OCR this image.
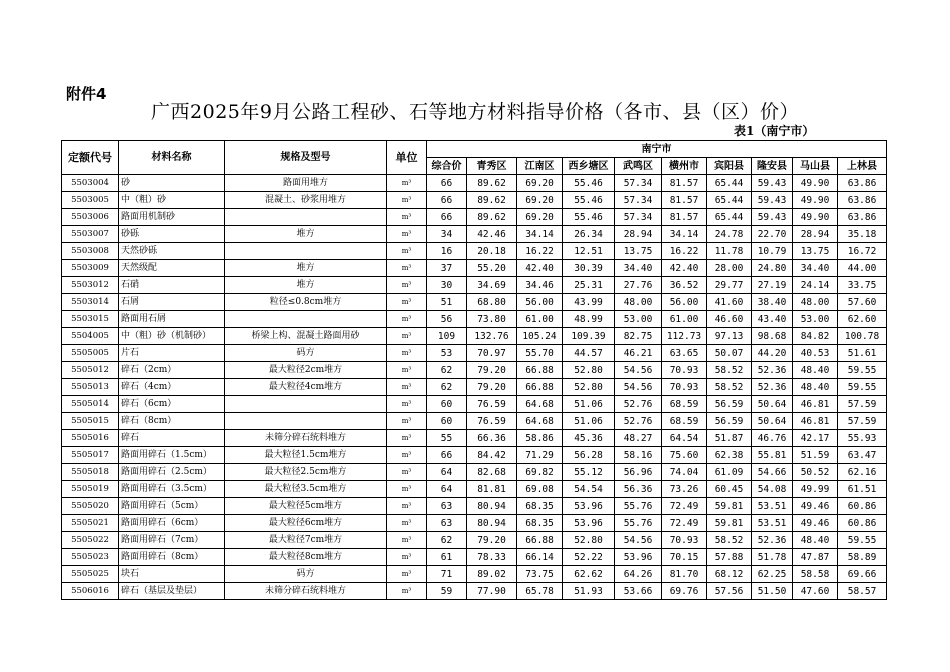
附件4
广西2025年9月公路工程砂、石等地方材料指导价格（各市、县（区）价）
表1（南宁市）
定额代号	材料名称	规格及型号	单位	南宁市									
				综合价	青秀区	江南区	西乡塘区	武鸣区	横州市	宾阳县	隆安县	马山县	上林县
5503004	砂	路面用堆方	m³	66	89.62	69.20	55.46	57.34	81.57	65.44	59.43	49.90	63.86
5503005	中（粗）砂	混凝土、砂浆用堆方	m³	66	89.62	69.20	55.46	57.34	81.57	65.44	59.43	49.90	63.86
5503006	路面用机制砂		m³	66	89.62	69.20	55.46	57.34	81.57	65.44	59.43	49.90	63.86
5503007	砂砾	堆方	m³	34	42.46	34.14	26.34	28.94	34.14	24.78	22.70	28.94	35.18
5503008	天然砂砾		m³	16	20.18	16.22	12.51	13.75	16.22	11.78	10.79	13.75	16.72
5503009	天然级配	堆方	m³	37	55.20	42.40	30.39	34.40	42.40	28.00	24.80	34.40	44.00
5503012	石硝	堆方	m³	30	34.69	34.46	25.31	27.76	36.52	29.77	27.19	24.14	33.75
5503014	石屑	粒径≤0.8cm堆方	m³	51	68.80	56.00	43.99	48.00	56.00	41.60	38.40	48.00	57.60
5503015	路面用石屑		m³	56	73.80	61.00	48.99	53.00	61.00	46.60	43.40	53.00	62.60
5504005	中（粗）砂（机制砂）	桥梁上构、混凝土路面用砂	m³	109	132.76	105.24	109.39	82.75	112.73	97.13	98.68	84.82	100.78
5505005	片石	码方	m³	53	70.97	55.70	44.57	46.21	63.65	50.07	44.20	40.53	51.61
5505012	碎石（2cm）	最大粒径2cm堆方	m³	62	79.20	66.88	52.80	54.56	70.93	58.52	52.36	48.40	59.55
5505013	碎石（4cm）	最大粒径4cm堆方	m³	62	79.20	66.88	52.80	54.56	70.93	58.52	52.36	48.40	59.55
5505014	碎石（6cm）		m³	60	76.59	64.68	51.06	52.76	68.59	56.59	50.64	46.81	57.59
5505015	碎石（8cm）		m³	60	76.59	64.68	51.06	52.76	68.59	56.59	50.64	46.81	57.59
5505016	碎石	未筛分碎石统料堆方	m³	55	66.36	58.86	45.36	48.27	64.54	51.87	46.76	42.17	55.93
5505017	路面用碎石（1.5cm）	最大粒径1.5cm堆方	m³	66	84.42	71.29	56.28	58.16	75.60	62.38	55.81	51.59	63.47
5505018	路面用碎石（2.5cm）	最大粒径2.5cm堆方	m³	64	82.68	69.82	55.12	56.96	74.04	61.09	54.66	50.52	62.16
5505019	路面用碎石（3.5cm）	最大粒径3.5cm堆方	m³	64	81.81	69.08	54.54	56.36	73.26	60.45	54.08	49.99	61.51
5505020	路面用碎石（5cm）	最大粒径5cm堆方	m³	63	80.94	68.35	53.96	55.76	72.49	59.81	53.51	49.46	60.86
5505021	路面用碎石（6cm）	最大粒径6cm堆方	m³	63	80.94	68.35	53.96	55.76	72.49	59.81	53.51	49.46	60.86
5505022	路面用碎石（7cm）	最大粒径7cm堆方	m³	62	79.20	66.88	52.80	54.56	70.93	58.52	52.36	48.40	59.55
5505023	路面用碎石（8cm）	最大粒径8cm堆方	m³	61	78.33	66.14	52.22	53.96	70.15	57.88	51.78	47.87	58.89
5505025	块石	码方	m³	71	89.02	73.75	62.62	64.26	81.70	68.12	62.25	58.58	69.66
5506016	碎石（基层及垫层）	未筛分碎石统料堆方	m³	59	77.90	65.78	51.93	53.66	69.76	57.56	51.50	47.60	58.57
